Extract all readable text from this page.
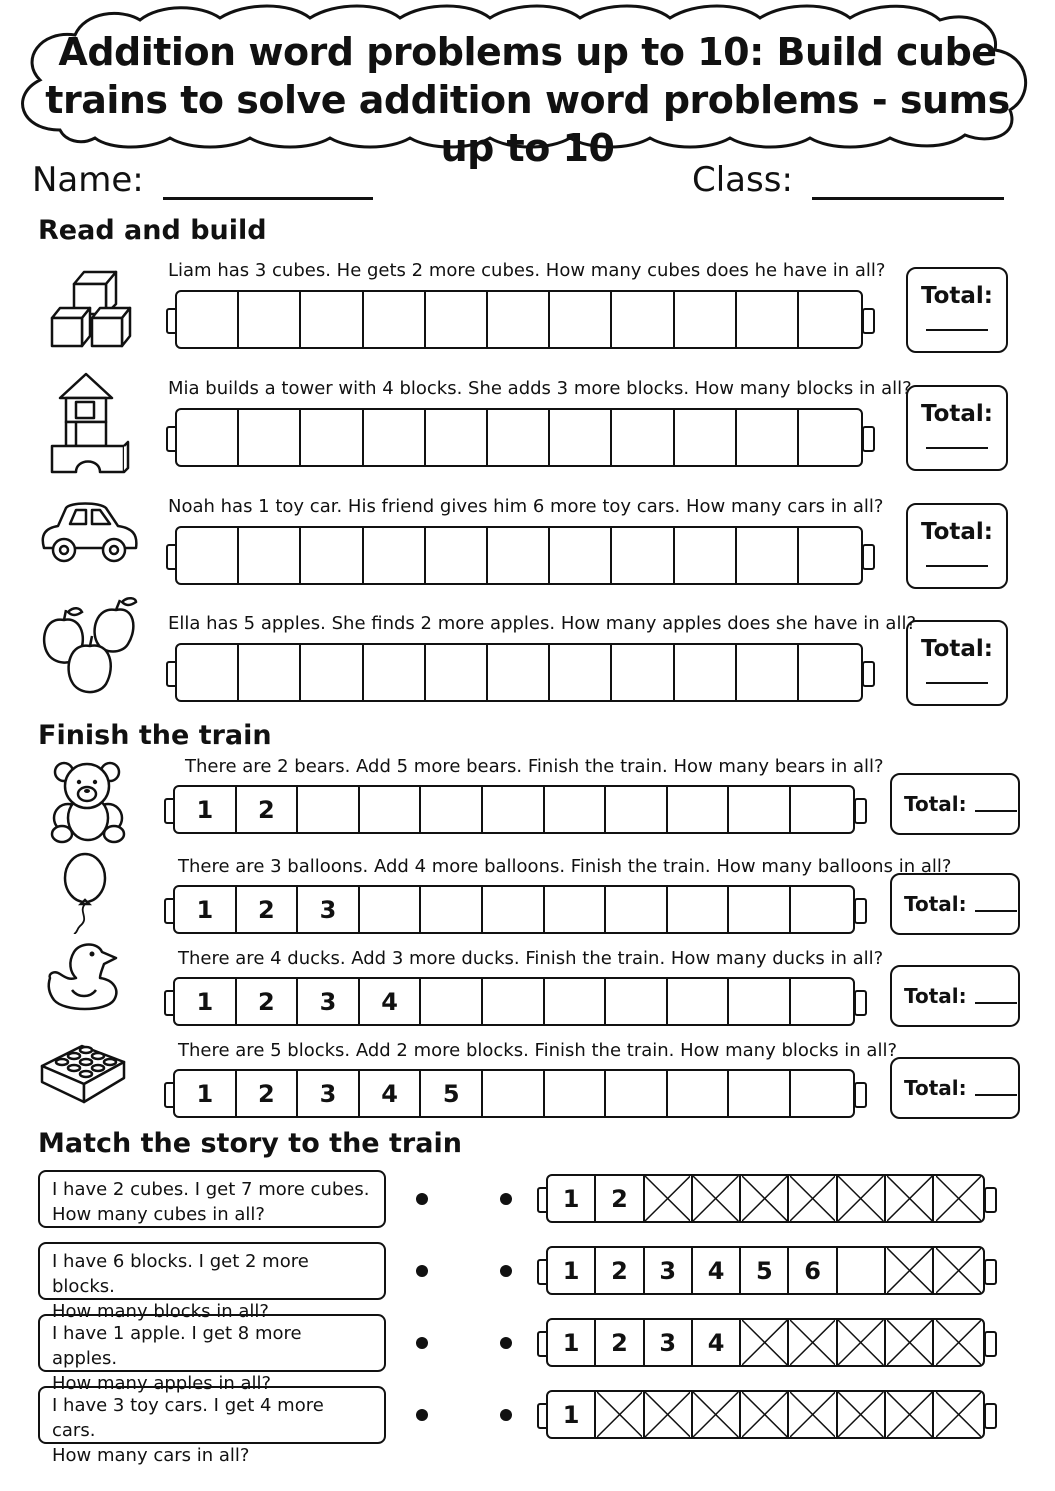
Addition word problems up to 10: Build cube
trains to solve addition word problems - sums up to 10
Name:	Class:
Read and build
Finish the train
Match the story to the train
Liam has 3 cubes. He gets 2 more cubes. How many cubes does he have in all?
Total:
Mia builds a tower with 4 blocks. She adds 3 more blocks. How many blocks in all?
Total:
Noah has 1 toy car. His friend gives him 6 more toy cars. How many cars in all?
Total:
Ella has 5 apples. She finds 2 more apples. How many apples does she have in all?
Total:
There are 2 bears. Add 5 more bears. Finish the train. How many bears in all?
1	2	Total:
There are 3 balloons. Add 4 more balloons. Finish the train. How many balloons in all?
1	2	3	Total:
There are 4 ducks. Add 3 more ducks. Finish the train. How many ducks in all?
1	2	3	4	Total:
There are 5 blocks. Add 2 more blocks. Finish the train. How many blocks in all?
1	2	3	4	5	Total:
I have 2 cubes. I get 7 more cubes.
How many cubes in all?
1	2
I have 6 blocks. I get 2 more blocks.
How many blocks in all?
1	2	3	4	5	6
I have 1 apple. I get 8 more apples.
How many apples in all?
1	2	3	4
I have 3 toy cars. I get 4 more cars.
How many cars in all?
1
